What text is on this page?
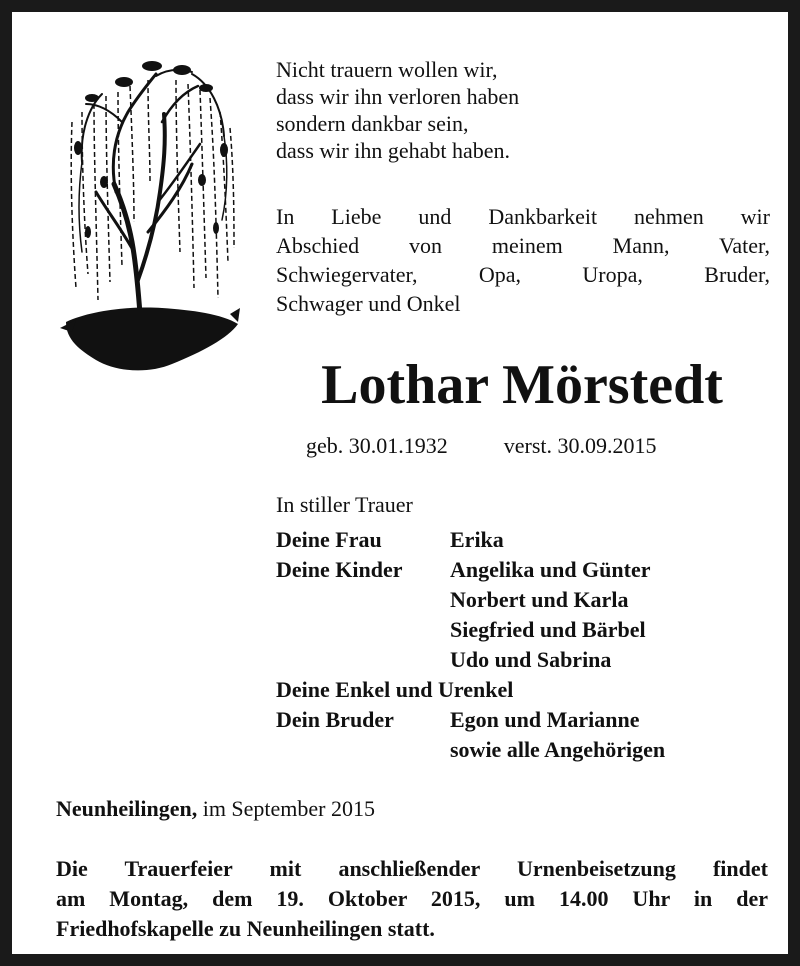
Nicht trauern wollen wir,
dass wir ihn verloren haben
sondern dankbar sein,
dass wir ihn gehabt haben.
In Liebe und Dankbarkeit nehmen wir
Abschied von meinem Mann, Vater,
Schwiegervater, Opa, Uropa, Bruder,
Schwager und Onkel
Lothar Mörstedt
geb. 30.01.1932	verst. 30.09.2015
In stiller Trauer
Deine Frau	Erika
Deine Kinder	Angelika und Günter
Norbert und Karla
Siegfried und Bärbel
Udo und Sabrina
Deine Enkel und Urenkel
Dein Bruder	Egon und Marianne
sowie alle Angehörigen
Neunheilingen, im September 2015
Die Trauerfeier mit anschließender Urnenbeisetzung findet
am Montag, dem 19. Oktober 2015, um 14.00 Uhr in der
Friedhofskapelle zu Neunheilingen statt.
